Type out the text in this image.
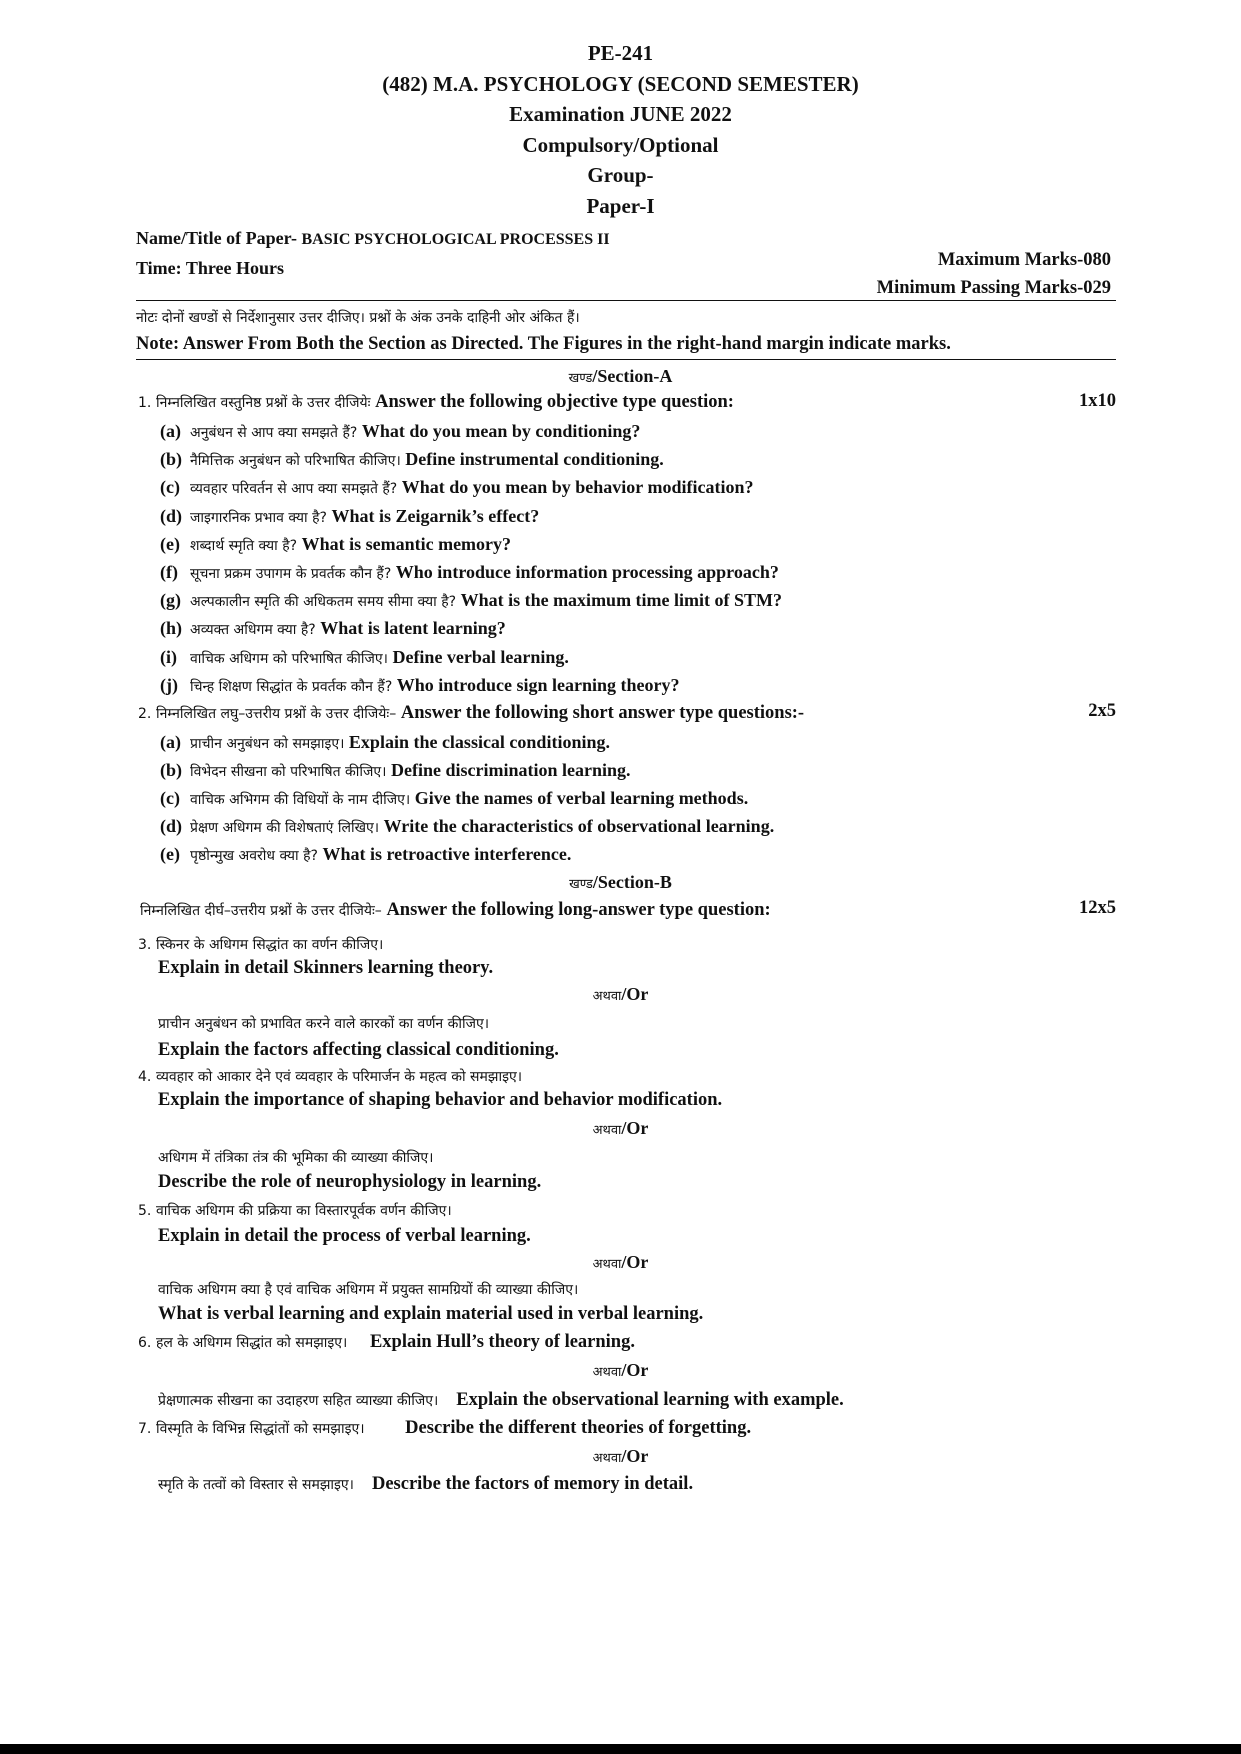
PE-241
(482) M.A. PSYCHOLOGY (SECOND SEMESTER)
Examination JUNE 2022
Compulsory/Optional
Group-
Paper-I
Name/Title of Paper- BASIC PSYCHOLOGICAL PROCESSES II
Time: Three Hours	Maximum Marks-080
Minimum Passing Marks-029
नोटः दोनों खण्डों से निर्देशानुसार उत्तर दीजिए। प्रश्नों के अंक उनके दाहिनी ओर अंकित हैं।
Note: Answer From Both the Section as Directed. The Figures in the right-hand margin indicate marks.
खण्ड/Section-A
1. निम्नलिखित वस्तुनिष्ठ प्रश्नों के उत्तर दीजियेः Answer the following objective type question:	1x10
(a) अनुबंधन से आप क्या समझते हैं? What do you mean by conditioning?
(b) नैमित्तिक अनुबंधन को परिभाषित कीजिए। Define instrumental conditioning.
(c) व्यवहार परिवर्तन से आप क्या समझते हैं? What do you mean by behavior modification?
(d) जाइगारनिक प्रभाव क्या है? What is Zeigarnik’s effect?
(e) शब्दार्थ स्मृति क्या है? What is semantic memory?
(f) सूचना प्रक्रम उपागम के प्रवर्तक कौन हैं? Who introduce information processing approach?
(g) अल्पकालीन स्मृति की अधिकतम समय सीमा क्या है? What is the maximum time limit of STM?
(h) अव्यक्त अधिगम क्या है? What is latent learning?
(i) वाचिक अधिगम को परिभाषित कीजिए। Define verbal learning.
(j) चिन्ह शिक्षण सिद्धांत के प्रवर्तक कौन हैं? Who introduce sign learning theory?
2. निम्नलिखित लघु–उत्तरीय प्रश्नों के उत्तर दीजियेः– Answer the following short answer type questions:-	2x5
(a) प्राचीन अनुबंधन को समझाइए। Explain the classical conditioning.
(b) विभेदन सीखना को परिभाषित कीजिए। Define discrimination learning.
(c) वाचिक अभिगम की विधियों के नाम दीजिए। Give the names of verbal learning methods.
(d) प्रेक्षण अधिगम की विशेषताएं लिखिए। Write the characteristics of observational learning.
(e) पृष्ठोन्मुख अवरोध क्या है? What is retroactive interference.
खण्ड/Section-B
निम्नलिखित दीर्घ–उत्तरीय प्रश्नों के उत्तर दीजियेः– Answer the following long-answer type question:	12x5
3. स्किनर के अधिगम सिद्धांत का वर्णन कीजिए।
Explain in detail Skinners learning theory.
अथवा/Or
प्राचीन अनुबंधन को प्रभावित करने वाले कारकों का वर्णन कीजिए।
Explain the factors affecting classical conditioning.
4. व्यवहार को आकार देने एवं व्यवहार के परिमार्जन के महत्व को समझाइए।
Explain the importance of shaping behavior and behavior modification.
अथवा/Or
अधिगम में तंत्रिका तंत्र की भूमिका की व्याख्या कीजिए।
Describe the role of neurophysiology in learning.
5. वाचिक अधिगम की प्रक्रिया का विस्तारपूर्वक वर्णन कीजिए।
Explain in detail the process of verbal learning.
अथवा/Or
वाचिक अधिगम क्या है एवं वाचिक अधिगम में प्रयुक्त सामग्रियों की व्याख्या कीजिए।
What is verbal learning and explain material used in verbal learning.
6. हल के अधिगम सिद्धांत को समझाइए। Explain Hull’s theory of learning.
अथवा/Or
प्रेक्षणात्मक सीखना का उदाहरण सहित व्याख्या कीजिए। Explain the observational learning with example.
7. विस्मृति के विभिन्न सिद्धांतों को समझाइए। Describe the different theories of forgetting.
अथवा/Or
स्मृति के तत्वों को विस्तार से समझाइए। Describe the factors of memory in detail.
